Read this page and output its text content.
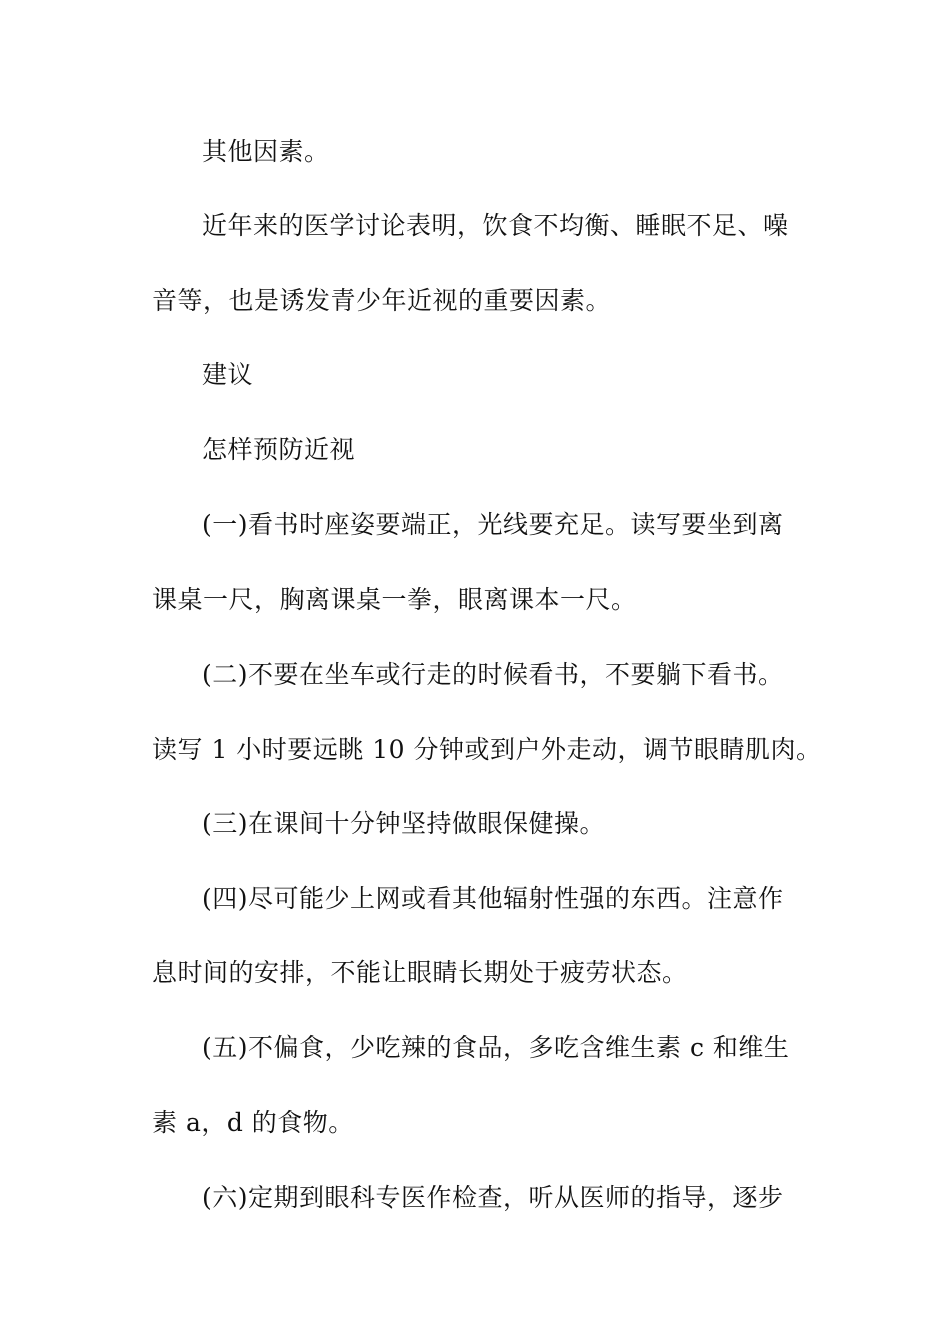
其他因素。
近年来的医学讨论表明，饮食不均衡、睡眠不足、噪
音等，也是诱发青少年近视的重要因素。
建议
怎样预防近视
(一)看书时座姿要端正，光线要充足。读写要坐到离
课桌一尺，胸离课桌一拳，眼离课本一尺。
(二)不要在坐车或行走的时候看书，不要躺下看书。
读写 1 小时要远眺 10 分钟或到户外走动，调节眼睛肌肉。
(三)在课间十分钟坚持做眼保健操。
(四)尽可能少上网或看其他辐射性强的东西。注意作
息时间的安排，不能让眼睛长期处于疲劳状态。
(五)不偏食，少吃辣的食品，多吃含维生素 c 和维生
素 a，d 的食物。
(六)定期到眼科专医作检查，听从医师的指导，逐步
